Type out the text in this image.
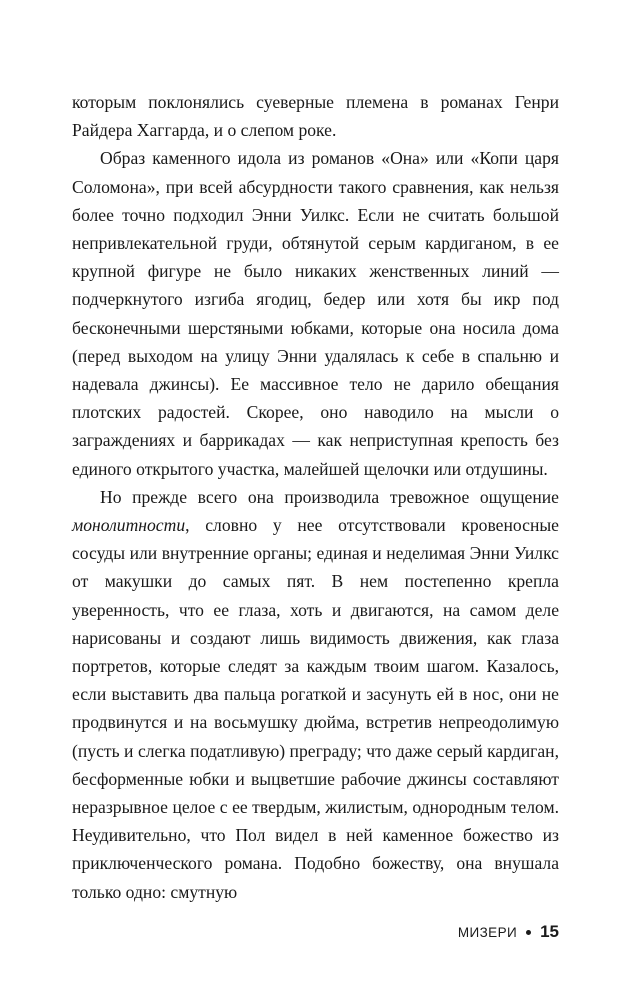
которым поклонялись суеверные племена в романах Генри Райдера Хаггарда, и о слепом роке.

Образ каменного идола из романов «Она» или «Копи царя Соломона», при всей абсурдности такого сравнения, как нельзя более точно подходил Энни Уилкс. Если не считать большой непривлекательной груди, обтянутой серым кардиганом, в ее крупной фигуре не было никаких женственных линий — подчеркнутого изгиба ягодиц, бедер или хотя бы икр под бесконечными шерстяными юбками, которые она носила дома (перед выходом на улицу Энни удалялась к себе в спальню и надевала джинсы). Ее массивное тело не дарило обещания плотских радостей. Скорее, оно наводило на мысли о заграждениях и баррикадах — как неприступная крепость без единого открытого участка, малейшей щелочки или отдушины.

Но прежде всего она производила тревожное ощущение монолитности, словно у нее отсутствовали кровеносные сосуды или внутренние органы; единая и неделимая Энни Уилкс от макушки до самых пят. В нем постепенно крепла уверенность, что ее глаза, хоть и двигаются, на самом деле нарисованы и создают лишь видимость движения, как глаза портретов, которые следят за каждым твоим шагом. Казалось, если выставить два пальца рогаткой и засунуть ей в нос, они не продвинутся и на восьмушку дюйма, встретив непреодолимую (пусть и слегка податливую) преграду; что даже серый кардиган, бесформенные юбки и выцветшие рабочие джинсы составляют неразрывное целое с ее твердым, жилистым, однородным телом. Неудивительно, что Пол видел в ней каменное божество из приключенческого романа. Подобно божеству, она внушала только одно: смутную

МИЗЕРИ 15
